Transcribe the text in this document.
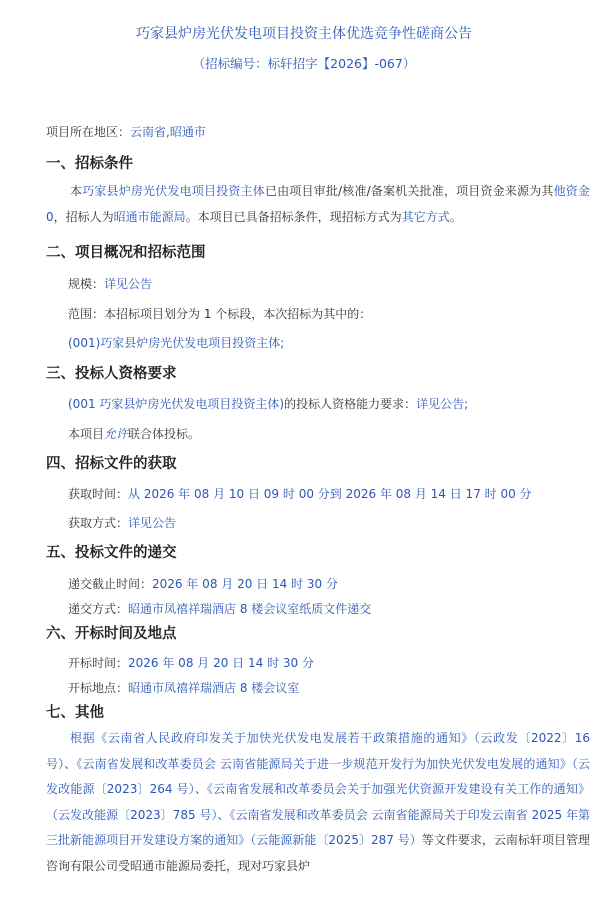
巧家县炉房光伏发电项目投资主体优选竞争性磋商公告
（招标编号：标轩招字【2026】-067）
项目所在地区：云南省,昭通市
一、招标条件
本巧家县炉房光伏发电项目投资主体已由项目审批/核准/备案机关批准，项目资金来源为其他资金 0，招标人为昭通市能源局。本项目已具备招标条件，现招标方式为其它方式。
二、项目概况和招标范围
规模：详见公告
范围：本招标项目划分为 1 个标段，本次招标为其中的：
(001)巧家县炉房光伏发电项目投资主体;
三、投标人资格要求
(001 巧家县炉房光伏发电项目投资主体)的投标人资格能力要求：详见公告;
本项目允许联合体投标。
四、招标文件的获取
获取时间：从 2026 年 08 月 10 日 09 时 00 分到 2026 年 08 月 14 日 17 时 00 分
获取方式：详见公告
五、投标文件的递交
递交截止时间：2026 年 08 月 20 日 14 时 30 分
递交方式：昭通市凤禧祥瑞酒店 8 楼会议室纸质文件递交
六、开标时间及地点
开标时间：2026 年 08 月 20 日 14 时 30 分
开标地点：昭通市凤禧祥瑞酒店 8 楼会议室
七、其他
根据《云南省人民政府印发关于加快光伏发电发展若干政策措施的通知》（云政发〔2022〕16 号）、《云南省发展和改革委员会 云南省能源局关于进一步规范开发行为加快光伏发电发展的通知》（云发改能源〔2023〕264 号）、《云南省发展和改革委员会关于加强光伏资源开发建设有关工作的通知》（云发改能源〔2023〕785 号）、《云南省发展和改革委员会 云南省能源局关于印发云南省 2025 年第三批新能源项目开发建设方案的通知》（云能源新能〔2025〕287 号）等文件要求，云南标轩项目管理咨询有限公司受昭通市能源局委托，现对巧家县炉
